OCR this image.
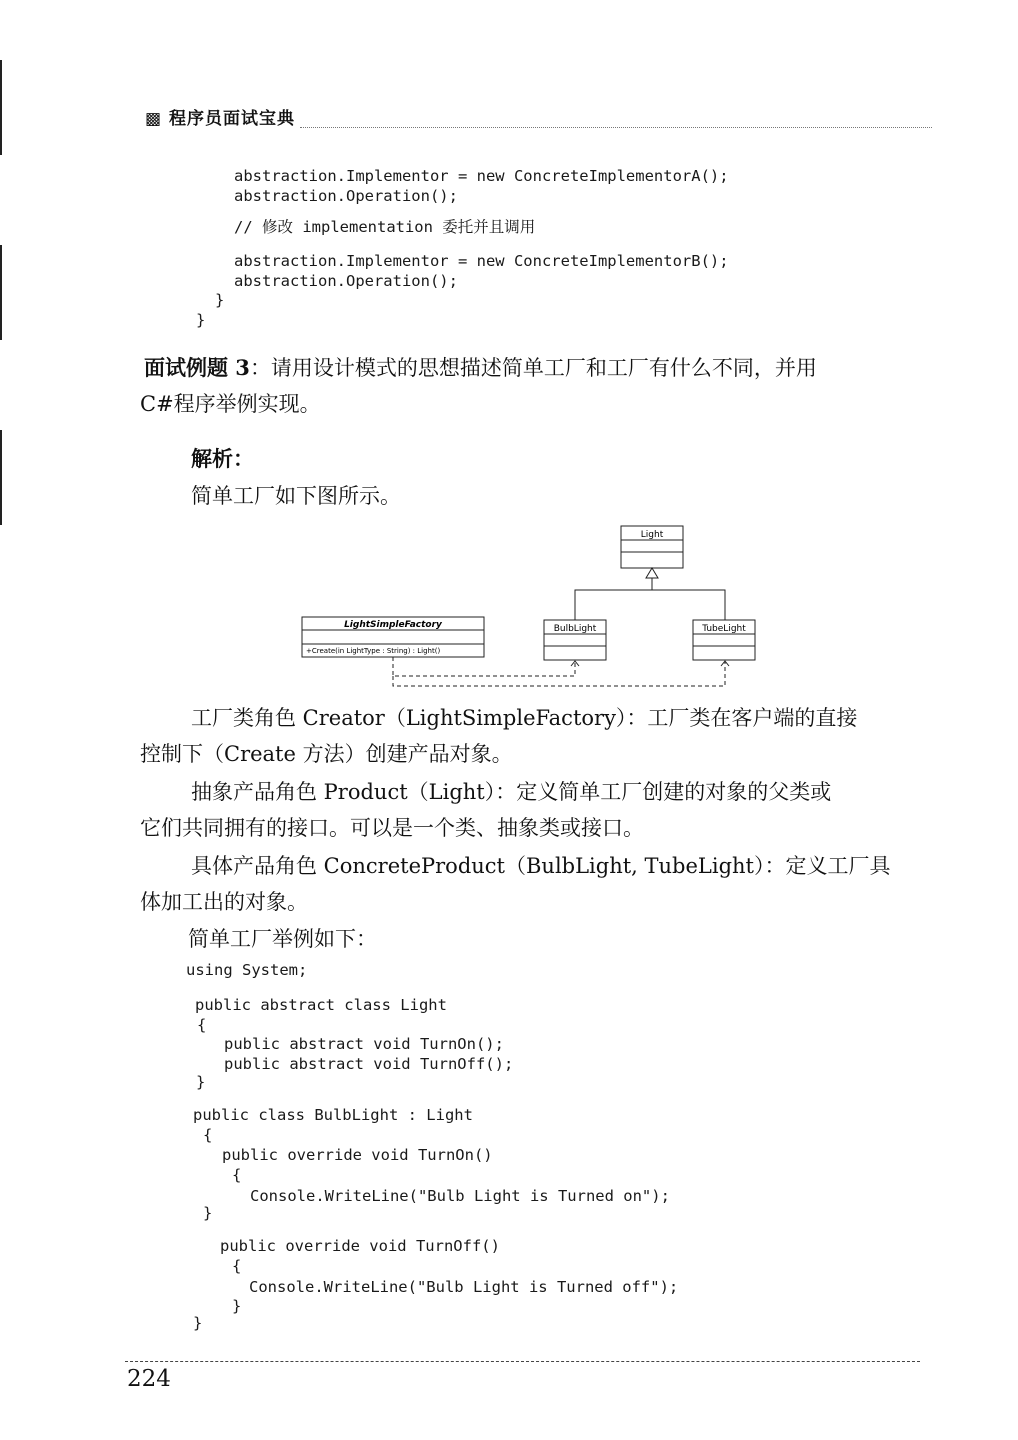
▩ 程序员面试宝典
abstraction.Implementor = new ConcreteImplementorA();
abstraction.Operation();
// 修改 implementation 委托并且调用
abstraction.Implementor = new ConcreteImplementorB();
abstraction.Operation();
}
}
面试例题 3：请用设计模式的思想描述简单工厂和工厂有什么不同，并用
C#程序举例实现。
解析：
简单工厂如下图所示。
Light
BulbLight	TubeLight
LightSimpleFactory
+Create(in LightType : String) : Light()
工厂类角色 Creator（LightSimpleFactory）：工厂类在客户端的直接
控制下（Create 方法）创建产品对象。
抽象产品角色 Product（Light）：定义简单工厂创建的对象的父类或
它们共同拥有的接口。可以是一个类、抽象类或接口。
具体产品角色 ConcreteProduct（BulbLight, TubeLight）：定义工厂具
体加工出的对象。
简单工厂举例如下：
using System;
public abstract class Light
{
public abstract void TurnOn();
public abstract void TurnOff();
}
public class BulbLight : Light
{
public override void TurnOn()
{
Console.WriteLine("Bulb Light is Turned on");
}
public override void TurnOff()
{
Console.WriteLine("Bulb Light is Turned off");
}
}
224
